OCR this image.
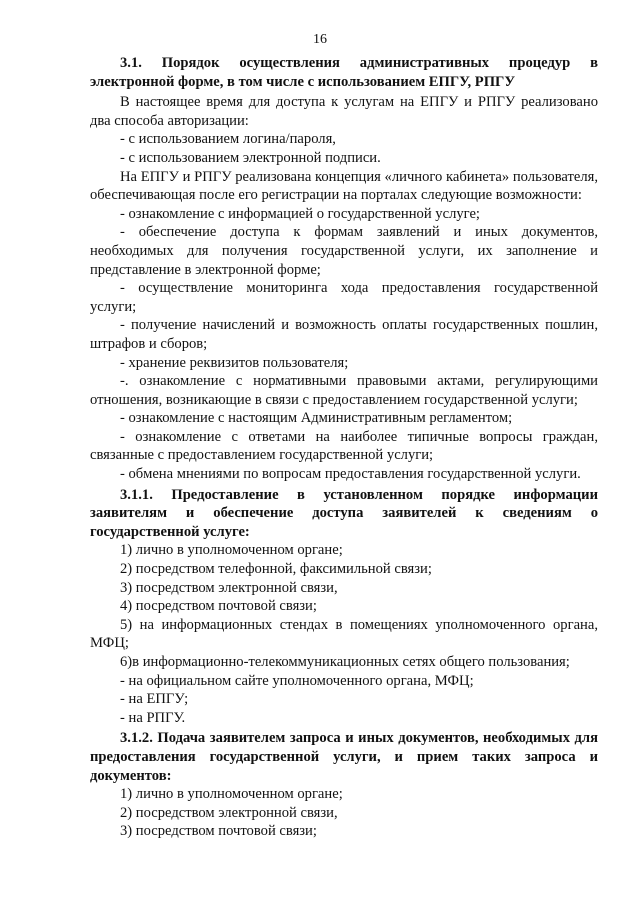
16

3.1. Порядок осуществления административных процедур в электронной форме, в том числе с использованием ЕПГУ, РПГУ

В настоящее время для доступа к услугам на ЕПГУ и РПГУ реализовано два способа авторизации:

- с использованием логина/пароля,

- с использованием электронной подписи.

На ЕПГУ и РПГУ реализована концепция «личного кабинета» пользователя, обеспечивающая после его регистрации на порталах следующие возможности:

- ознакомление с информацией о государственной услуге;

- обеспечение доступа к формам заявлений и иных документов, необходимых для получения государственной услуги, их заполнение и представление в электронной форме;

- осуществление мониторинга хода предоставления государственной услуги;

- получение начислений и возможность оплаты государственных пошлин, штрафов и сборов;

- хранение реквизитов пользователя;

-. ознакомление с нормативными правовыми актами, регулирующими отношения, возникающие в связи с предоставлением государственной услуги;

- ознакомление с настоящим Административным регламентом;

- ознакомление с ответами на наиболее типичные вопросы граждан, связанные с предоставлением государственной услуги;

- обмена мнениями по вопросам предоставления государственной услуги.

3.1.1. Предоставление в установленном порядке информации заявителям и обеспечение доступа заявителей к сведениям о государственной услуге:

1) лично в уполномоченном органе;

2) посредством телефонной, факсимильной связи;

3) посредством электронной связи,

4) посредством почтовой связи;

5) на информационных стендах в помещениях уполномоченного органа, МФЦ;

6)в информационно-телекоммуникационных сетях общего пользования;

- на официальном сайте уполномоченного органа, МФЦ;

- на ЕПГУ;

- на РПГУ.

3.1.2. Подача заявителем запроса и иных документов, необходимых для предоставления государственной услуги, и прием таких запроса и документов:

1) лично в уполномоченном органе;

2) посредством электронной связи,

3) посредством почтовой связи;
